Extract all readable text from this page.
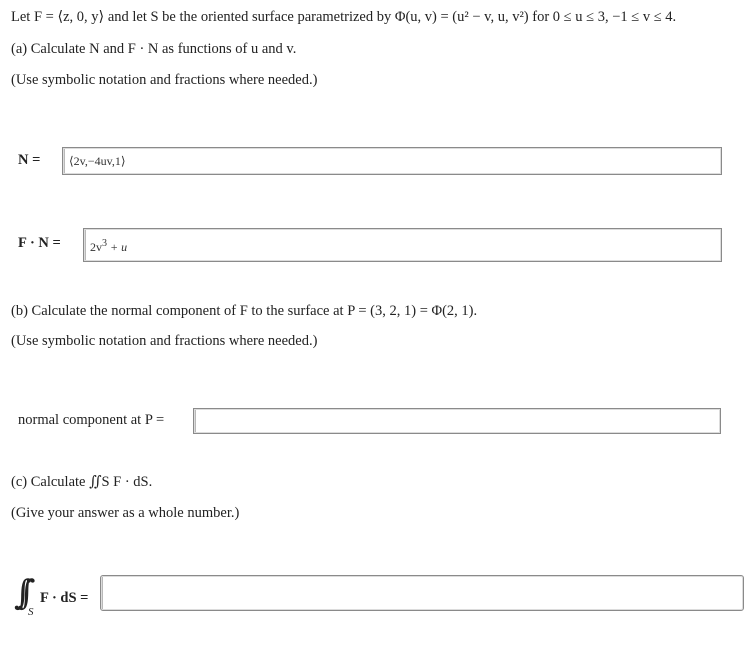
Let F = ⟨z, 0, y⟩ and let S be the oriented surface parametrized by Φ(u, v) = (u² − v, u, v²) for 0 ≤ u ≤ 3, −1 ≤ v ≤ 4.
(a) Calculate N and F · N as functions of u and v.
(Use symbolic notation and fractions where needed.)
N = ⟨2v,−4uv,1⟩
$F \cdot N = 2v^3 + u$
(b) Calculate the normal component of F to the surface at P = (3, 2, 1) = Φ(2, 1).
(Use symbolic notation and fractions where needed.)
normal component at P =
(c) Calculate ∬S F · dS.
(Give your answer as a whole number.)
∫∫ S
F · dS =
